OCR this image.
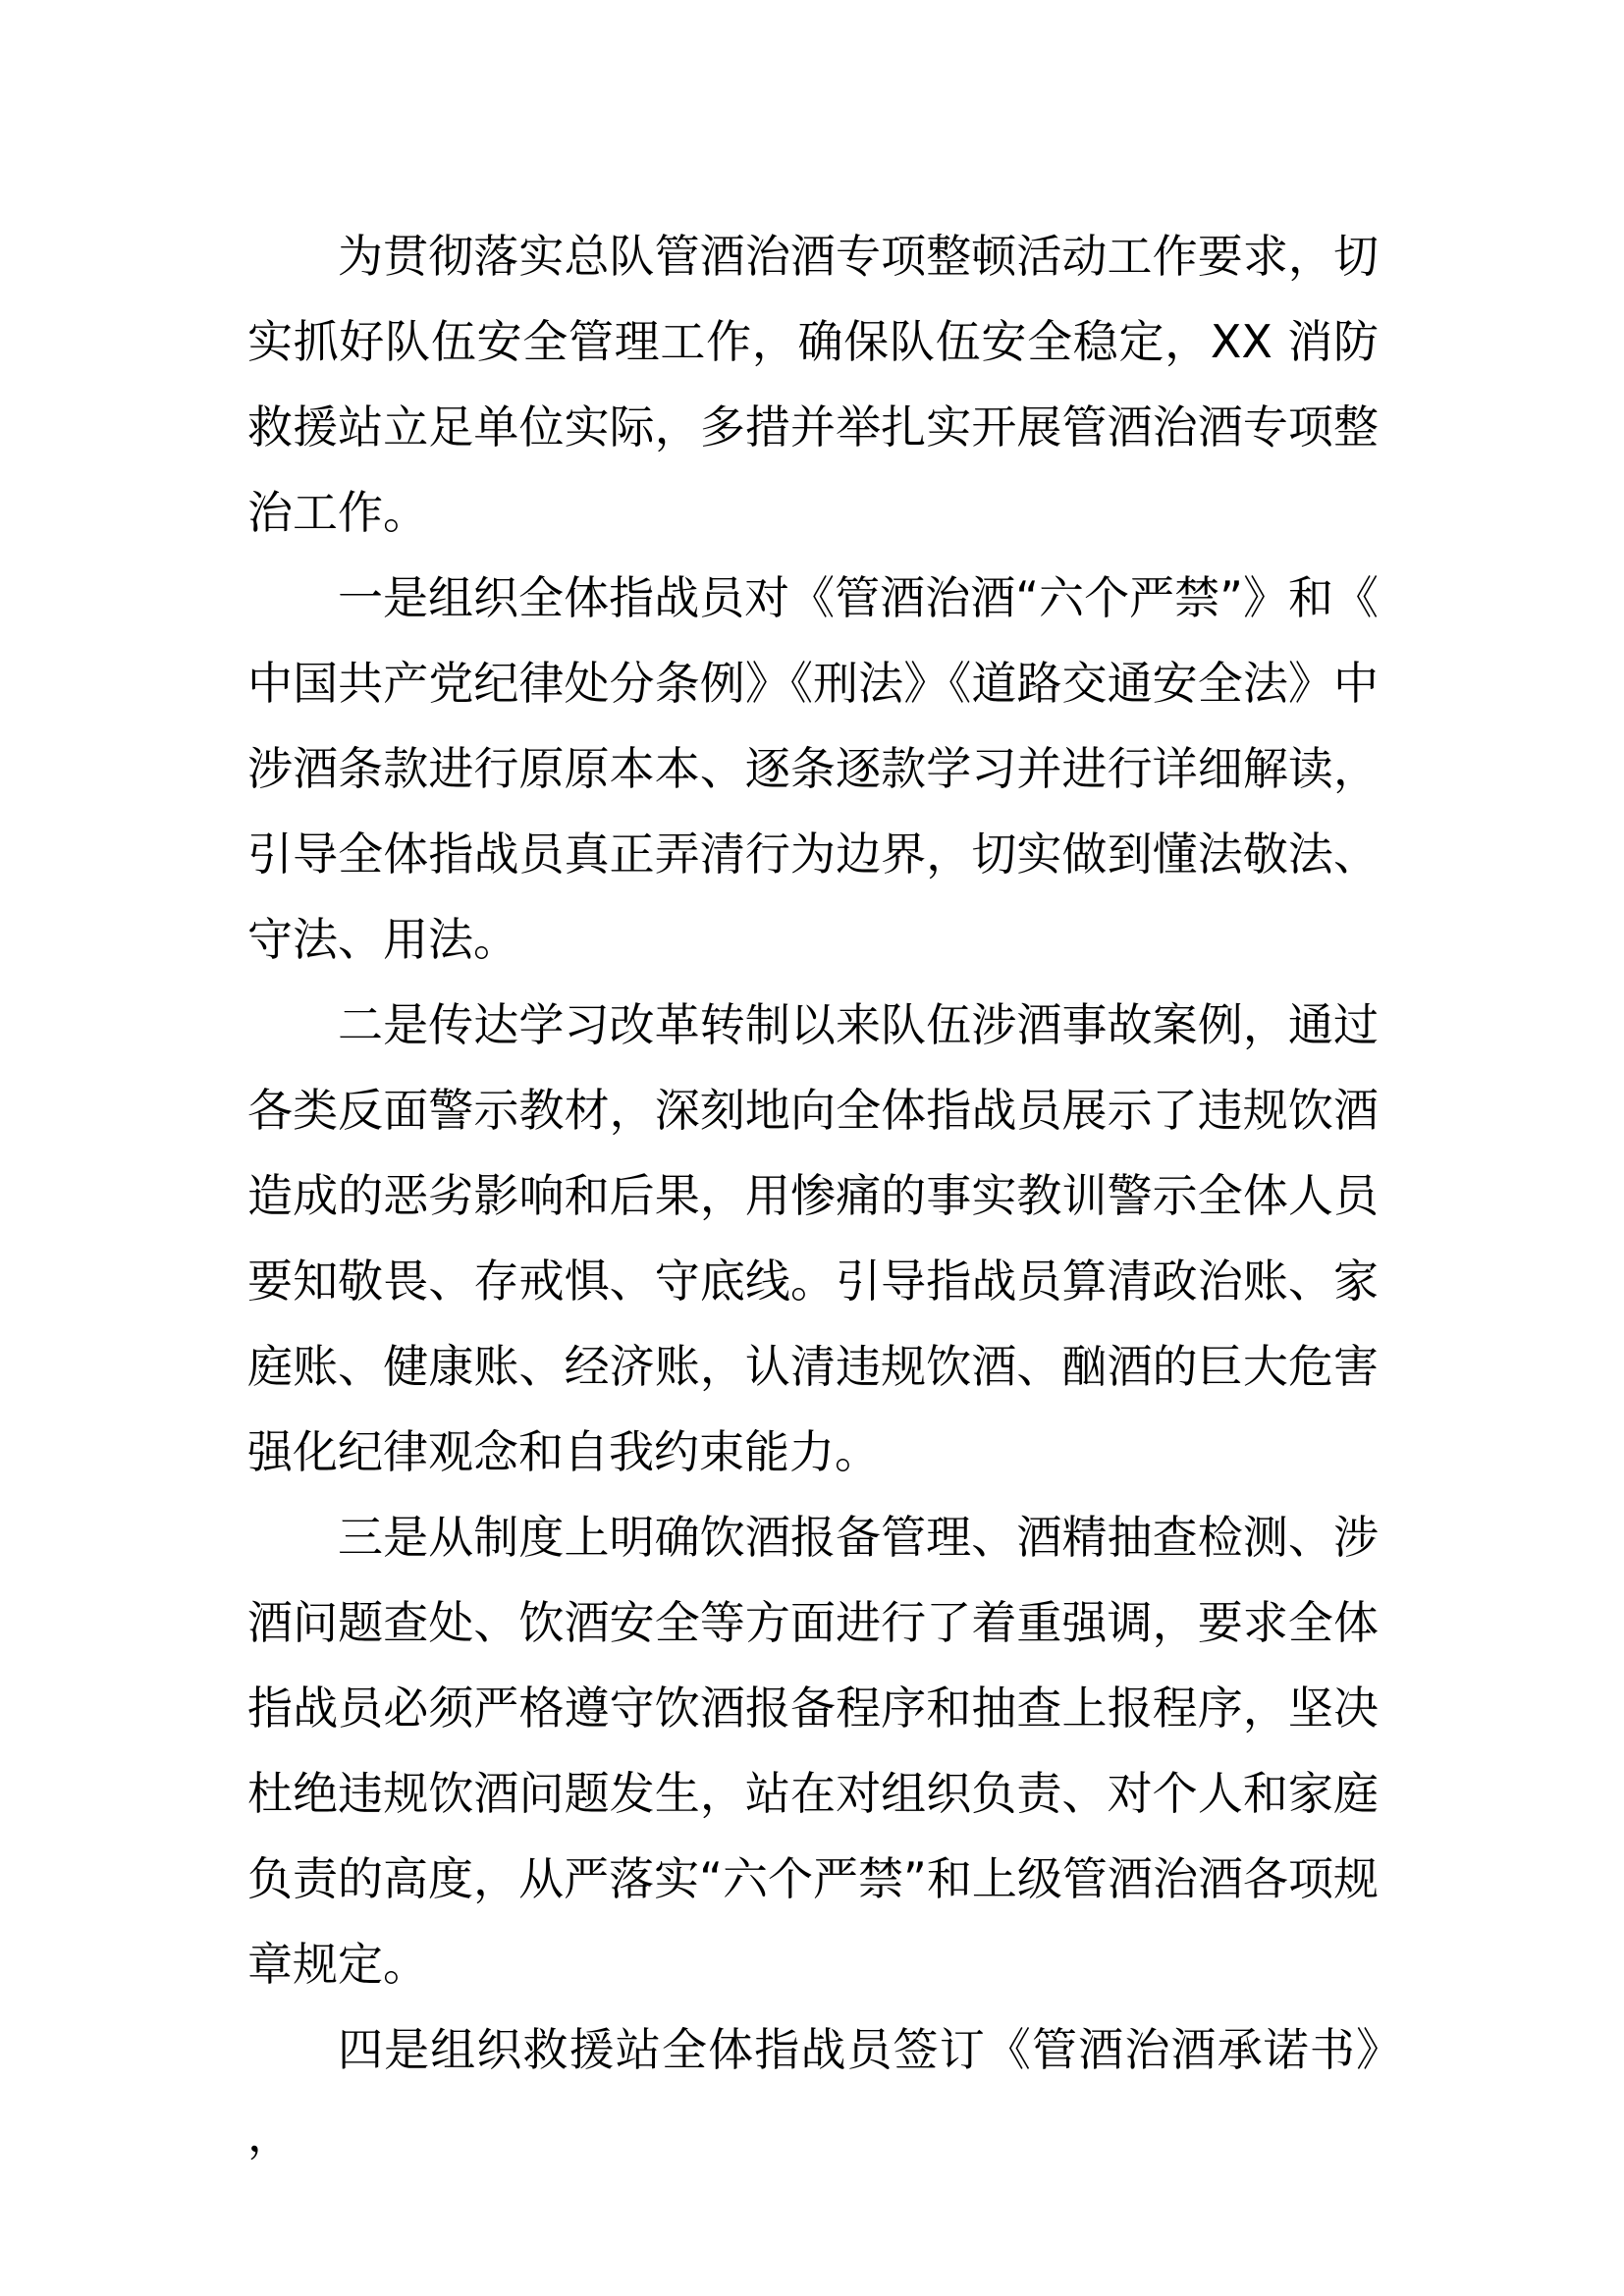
为贯彻落实总队管酒治酒专项整顿活动工作要求，切实抓好队伍安全管理工作，确保队伍安全稳定，XX 消防救援站立足单位实际，多措并举扎实开展管酒治酒专项整治工作。

一是组织全体指战员对《管酒治酒“六个严禁”》和《中国共产党纪律处分条例》《刑法》《道路交通安全法》中涉酒条款进行原原本本、逐条逐款学习并进行详细解读，引导全体指战员真正弄清行为边界，切实做到懂法敬法、守法、用法。

二是传达学习改革转制以来队伍涉酒事故案例，通过各类反面警示教材，深刻地向全体指战员展示了违规饮酒造成的恶劣影响和后果，用惨痛的事实教训警示全体人员要知敬畏、存戒惧、守底线。引导指战员算清政治账、家庭账、健康账、经济账，认清违规饮酒、酗酒的巨大危害强化纪律观念和自我约束能力。

三是从制度上明确饮酒报备管理、酒精抽查检测、涉酒问题查处、饮酒安全等方面进行了着重强调，要求全体指战员必须严格遵守饮酒报备程序和抽查上报程序，坚决杜绝违规饮酒问题发生，站在对组织负责、对个人和家庭负责的高度，从严落实“六个严禁”和上级管酒治酒各项规章规定。

四是组织救援站全体指战员签订《管酒治酒承诺书》，
